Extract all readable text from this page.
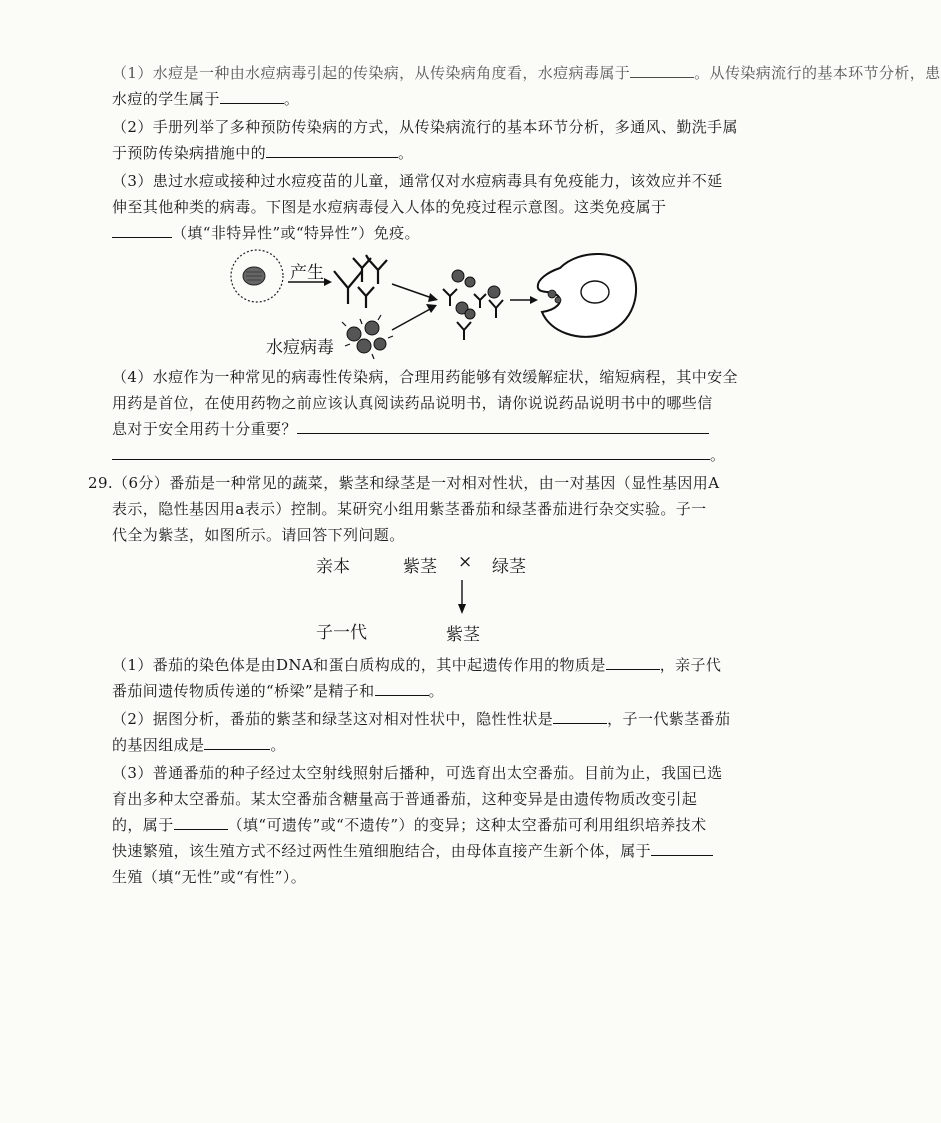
（1）水痘是一种由水痘病毒引起的传染病，从传染病角度看，水痘病毒属于	。从传染病流行的基本环节分析，患
水痘的学生属于	。
（2）手册列举了多种预防传染病的方式，从传染病流行的基本环节分析，多通风、勤洗手属
于预防传染病措施中的	。
（3）患过水痘或接种过水痘疫苗的儿童，通常仅对水痘病毒具有免疫能力，该效应并不延
伸至其他种类的病毒。下图是水痘病毒侵入人体的免疫过程示意图。这类免疫属于
（填“非特异性”或“特异性”）免疫。
产生
水痘病毒
（4）水痘作为一种常见的病毒性传染病，合理用药能够有效缓解症状，缩短病程，其中安全
用药是首位，在使用药物之前应该认真阅读药品说明书，请你说说药品说明书中的哪些信
息对于安全用药十分重要？
。
29.（6分）番茄是一种常见的蔬菜，紫茎和绿茎是一对相对性状，由一对基因（显性基因用A
表示，隐性基因用a表示）控制。某研究小组用紫茎番茄和绿茎番茄进行杂交实验。子一
代全为紫茎，如图所示。请回答下列问题。
亲本	紫茎 × 绿茎
子一代	紫茎
（1）番茄的染色体是由DNA和蛋白质构成的，其中起遗传作用的物质是	，亲子代
番茄间遗传物质传递的“桥梁”是精子和	。
（2）据图分析，番茄的紫茎和绿茎这对相对性状中，隐性性状是	，子一代紫茎番茄
的基因组成是	。
（3）普通番茄的种子经过太空射线照射后播种，可选育出太空番茄。目前为止，我国已选
育出多种太空番茄。某太空番茄含糖量高于普通番茄，这种变异是由遗传物质改变引起
的，属于	（填“可遗传”或“不遗传”）的变异；这种太空番茄可利用组织培养技术
快速繁殖，该生殖方式不经过两性生殖细胞结合，由母体直接产生新个体，属于
生殖（填“无性”或“有性”）。
